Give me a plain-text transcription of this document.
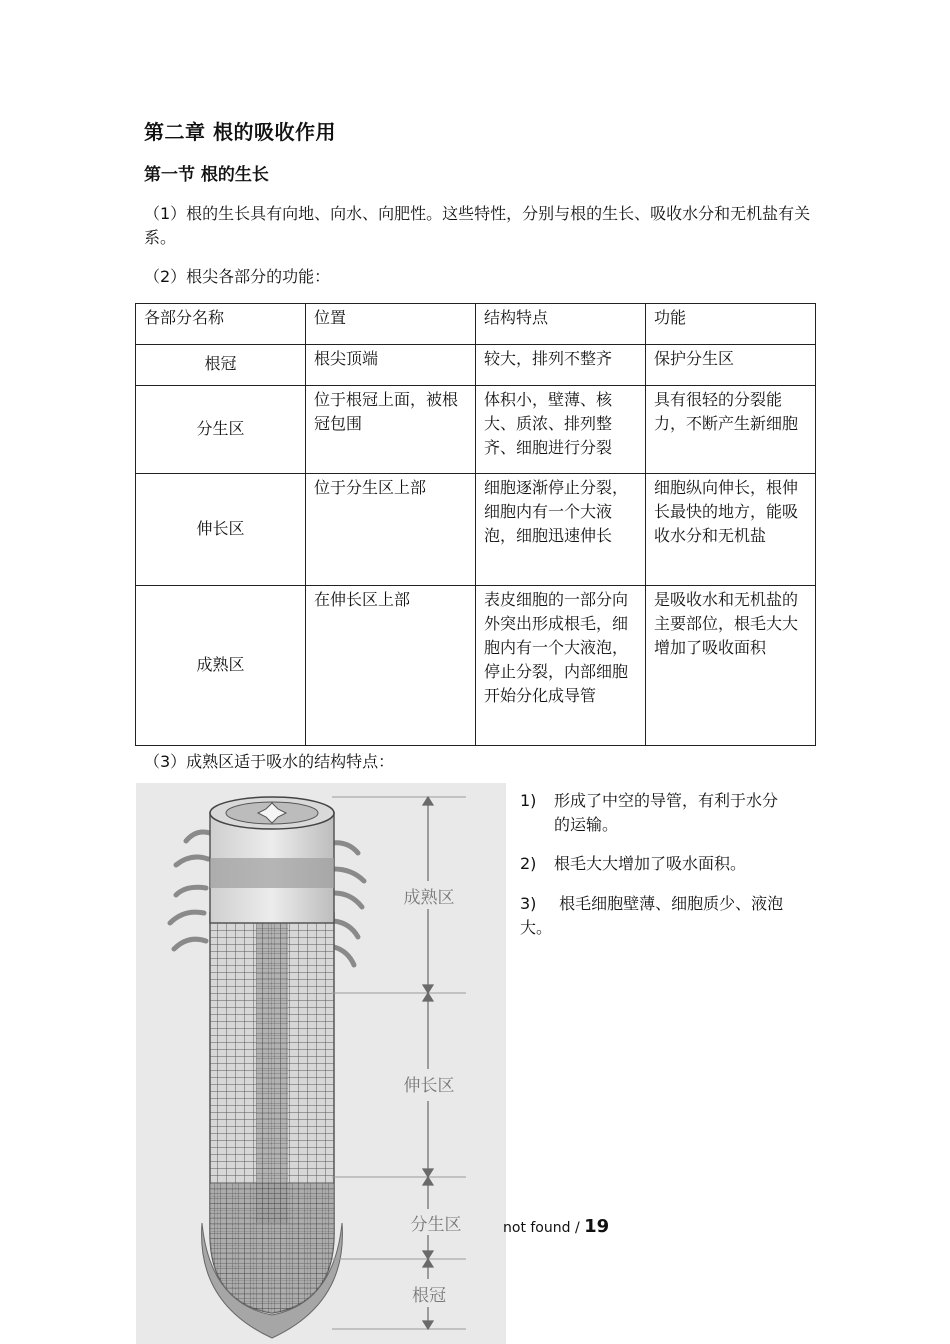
第二章 根的吸收作用
第一节 根的生长
（1）根的生长具有向地、向水、向肥性。这些特性，分别与根的生长、吸收水分和无机盐有关系。
（2）根尖各部分的功能：
各部分名称	位置	结构特点	功能
根冠	根尖顶端	较大，排列不整齐	保护分生区
分生区	位于根冠上面，被根冠包围	体积小，壁薄、核大、质浓、排列整齐、细胞进行分裂	具有很轻的分裂能力，不断产生新细胞
伸长区	位于分生区上部	细胞逐渐停止分裂，细胞内有一个大液泡，细胞迅速伸长	细胞纵向伸长，根伸长最快的地方，能吸收水分和无机盐
成熟区	在伸长区上部	表皮细胞的一部分向外突出形成根毛，细胞内有一个大液泡，停止分裂，内部细胞开始分化成导管	是吸收水和无机盐的主要部位，根毛大大增加了吸收面积
（3）成熟区适于吸水的结构特点：
1) 形成了中空的导管，有利于水分
的运输。
2) 根毛大大增加了吸水面积。
3) 根毛细胞壁薄、细胞质少、液泡
大。
成熟区
伸长区
分生区
根冠
not found / 19
